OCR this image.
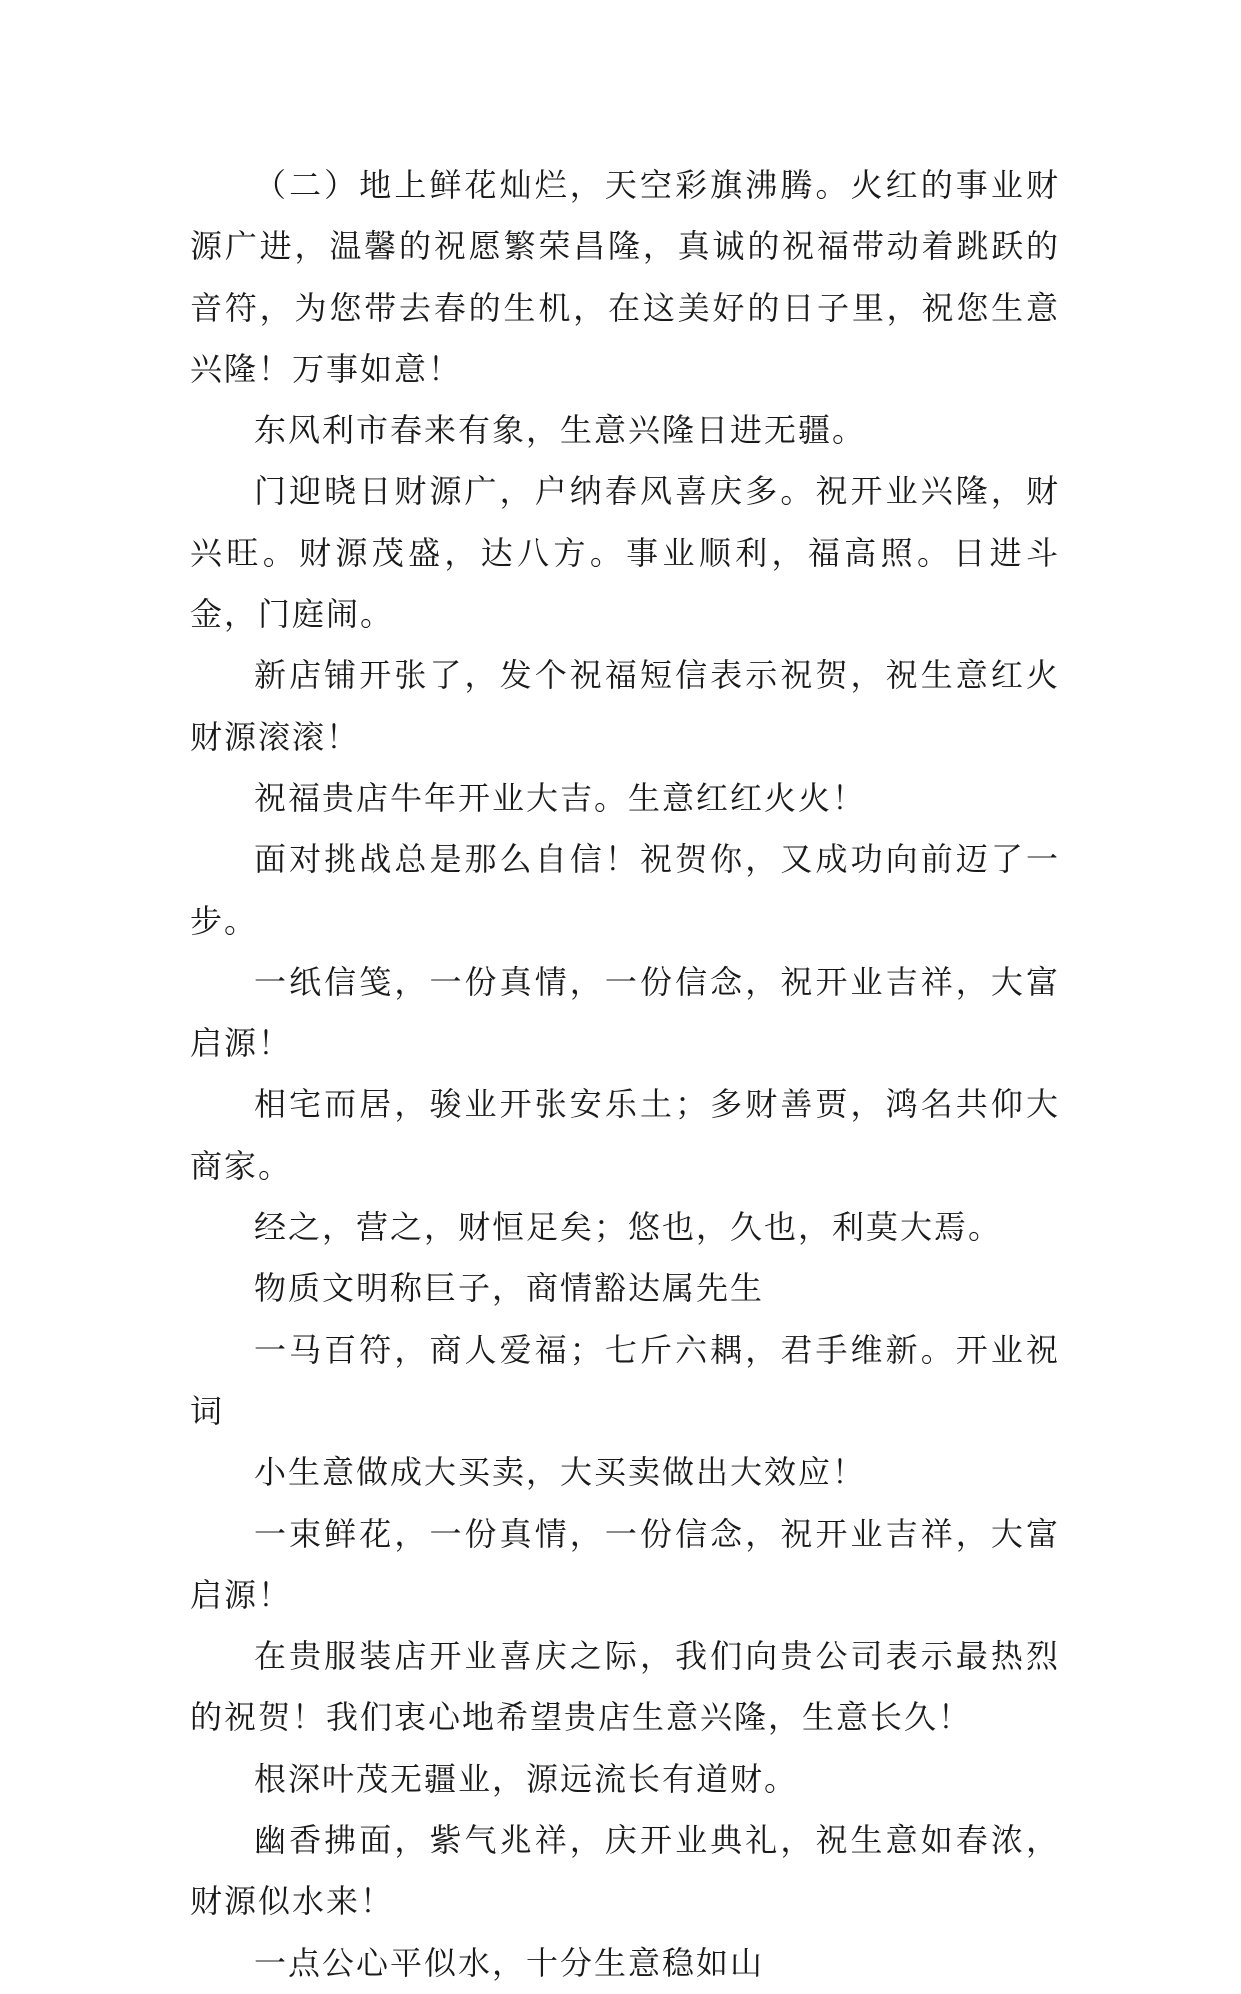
（二）地上鲜花灿烂，天空彩旗沸腾。火红的事业财源广进，温馨的祝愿繁荣昌隆，真诚的祝福带动着跳跃的音符，为您带去春的生机，在这美好的日子里，祝您生意兴隆！万事如意！

东风利市春来有象，生意兴隆日进无疆。

门迎晓日财源广，户纳春风喜庆多。祝开业兴隆，财兴旺。财源茂盛，达八方。事业顺利，福高照。日进斗金，门庭闹。

新店铺开张了，发个祝福短信表示祝贺，祝生意红火财源滚滚！

祝福贵店牛年开业大吉。生意红红火火！

面对挑战总是那么自信！祝贺你，又成功向前迈了一步。

一纸信笺，一份真情，一份信念，祝开业吉祥，大富启源！

相宅而居，骏业开张安乐土；多财善贾，鸿名共仰大商家。

经之，营之，财恒足矣；悠也，久也，利莫大焉。

物质文明称巨子，商情豁达属先生

一马百符，商人爱福；七斤六耦，君手维新。开业祝词

小生意做成大买卖，大买卖做出大效应！

一束鲜花，一份真情，一份信念，祝开业吉祥，大富启源！

在贵服装店开业喜庆之际，我们向贵公司表示最热烈的祝贺！我们衷心地希望贵店生意兴隆，生意长久！

根深叶茂无疆业，源远流长有道财。

幽香拂面，紫气兆祥，庆开业典礼，祝生意如春浓，财源似水来！

一点公心平似水，十分生意稳如山
